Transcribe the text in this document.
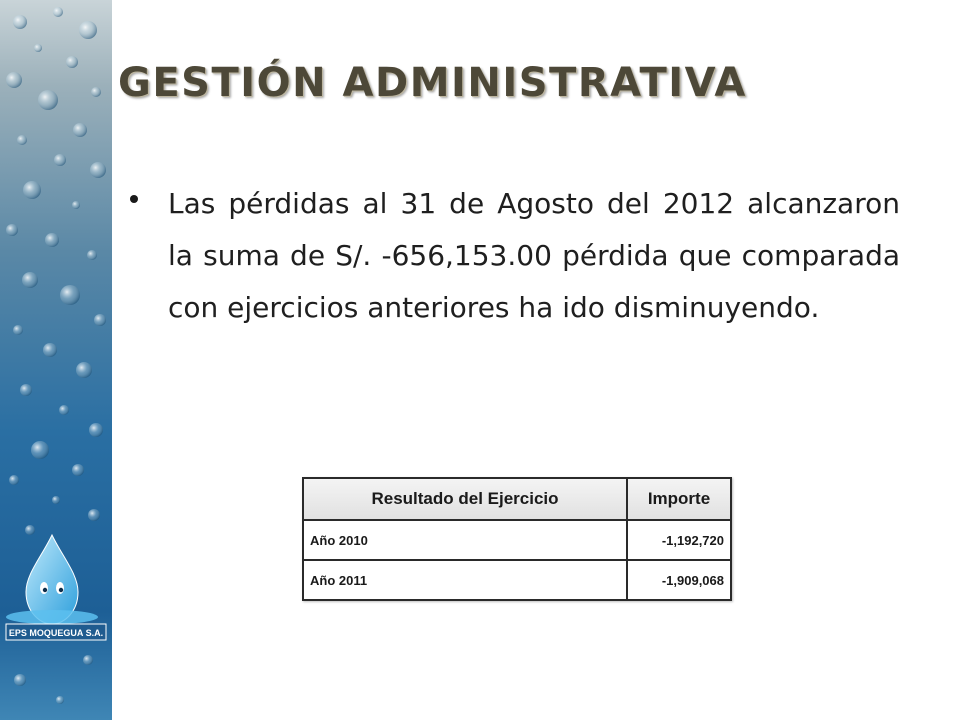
EPS MOQUEGUA S.A.
GESTIÓN ADMINISTRATIVA
Las pérdidas al 31 de Agosto del 2012 alcanzaron la suma de S/. -656,153.00 pérdida que comparada con ejercicios anteriores ha ido disminuyendo.
Resultado del Ejercicio	Importe
Año 2010	-1,192,720
Año 2011	-1,909,068
